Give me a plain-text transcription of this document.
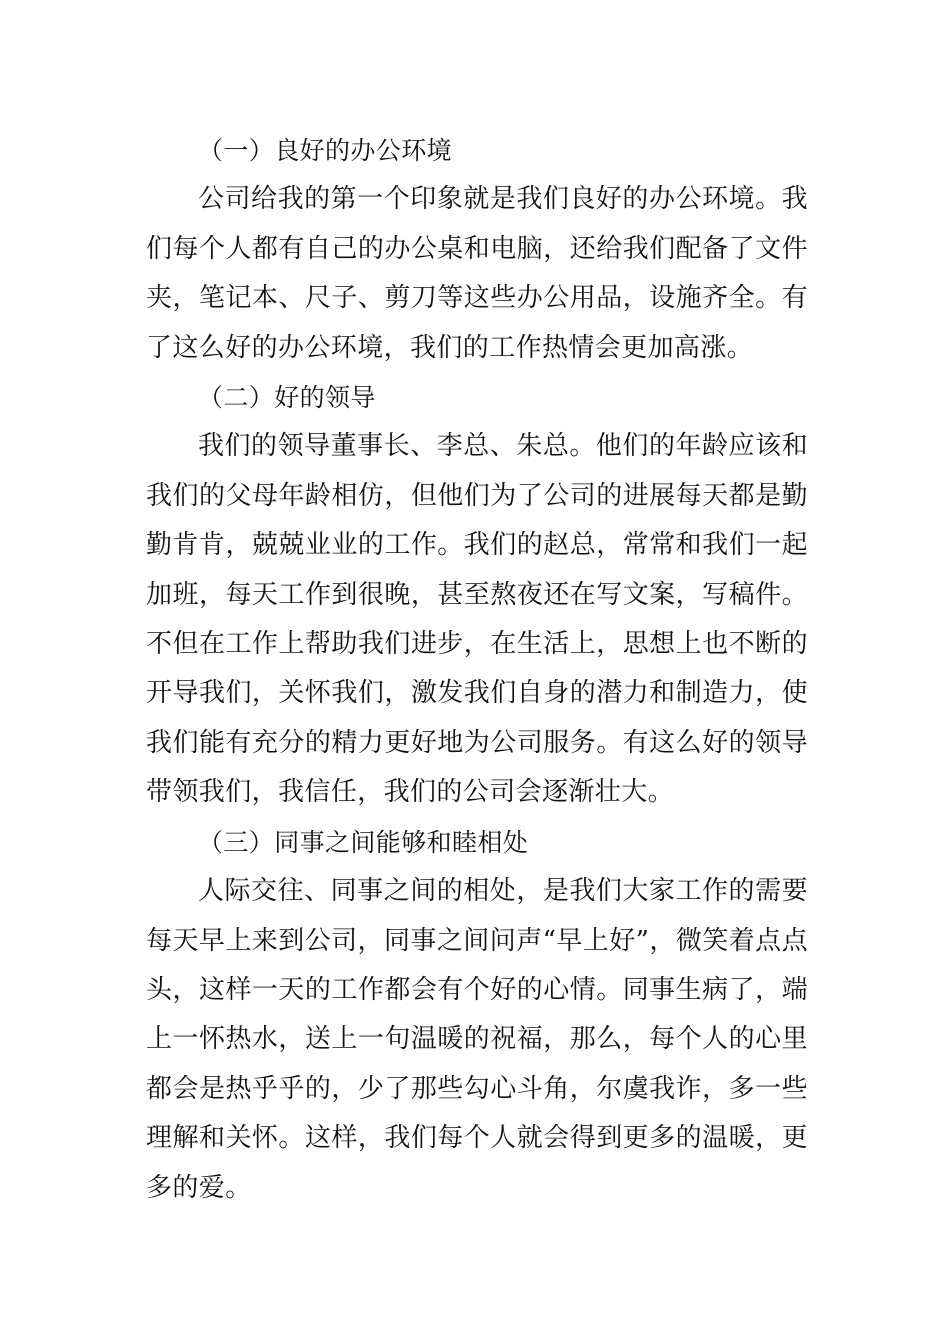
（一）良好的办公环境

公司给我的第一个印象就是我们良好的办公环境。我们每个人都有自己的办公桌和电脑，还给我们配备了文件夹，笔记本、尺子、剪刀等这些办公用品，设施齐全。有了这么好的办公环境，我们的工作热情会更加高涨。

（二）好的领导

我们的领导董事长、李总、朱总。他们的年龄应该和我们的父母年龄相仿，但他们为了公司的进展每天都是勤勤肯肯，兢兢业业的工作。我们的赵总，常常和我们一起加班，每天工作到很晚，甚至熬夜还在写文案，写稿件。不但在工作上帮助我们进步，在生活上，思想上也不断的开导我们，关怀我们，激发我们自身的潜力和制造力，使我们能有充分的精力更好地为公司服务。有这么好的领导带领我们，我信任，我们的公司会逐渐壮大。

（三）同事之间能够和睦相处

人际交往、同事之间的相处，是我们大家工作的需要每天早上来到公司，同事之间问声“早上好”，微笑着点点头，这样一天的工作都会有个好的心情。同事生病了，端上一怀热水，送上一句温暖的祝福，那么，每个人的心里都会是热乎乎的，少了那些勾心斗角，尔虞我诈，多一些理解和关怀。这样，我们每个人就会得到更多的温暖，更多的爱。
